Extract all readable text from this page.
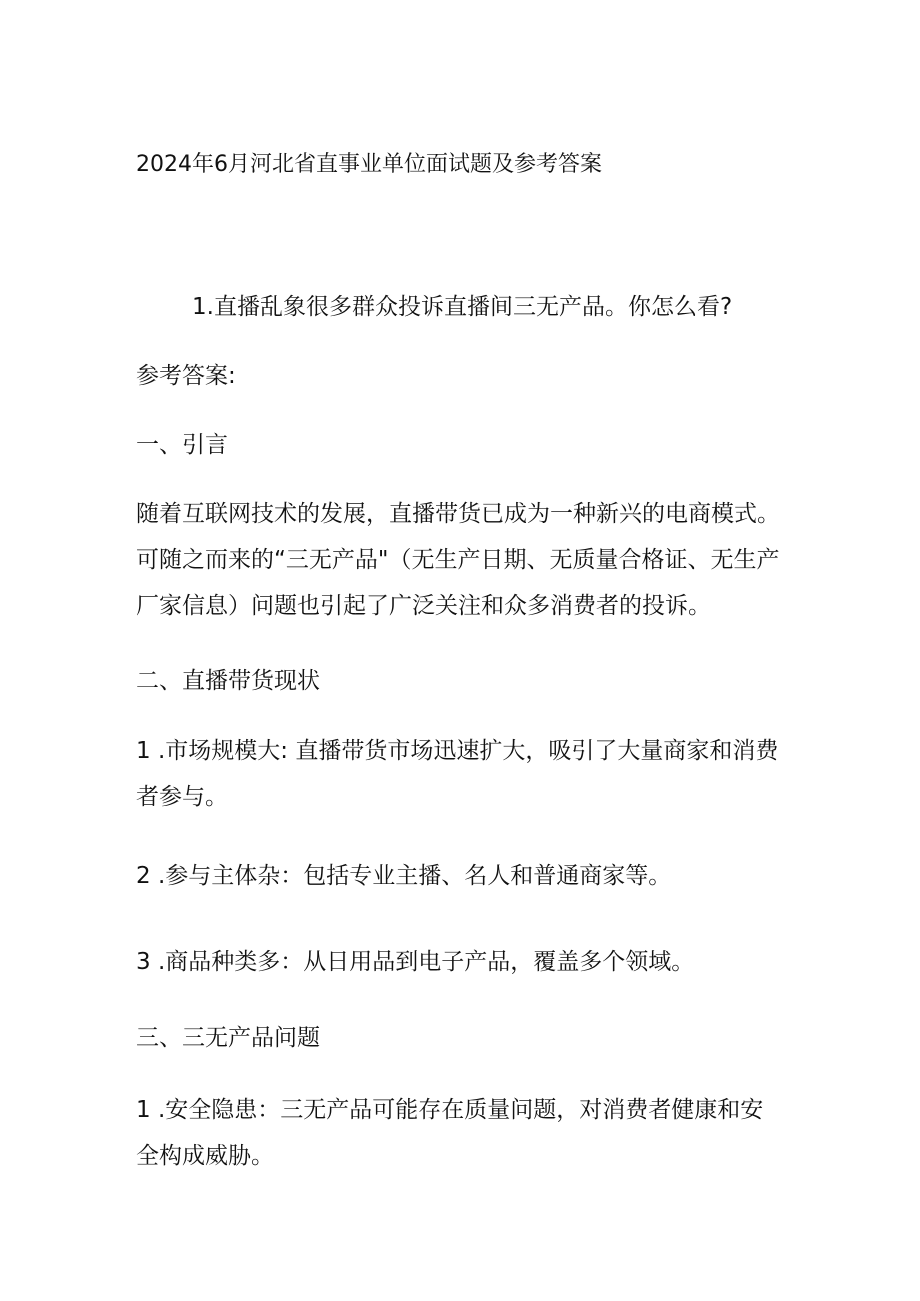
2024年6月河北省直事业单位面试题及参考答案

1.直播乱象很多群众投诉直播间三无产品。你怎么看?

参考答案:

一、引言

随着互联网技术的发展，直播带货已成为一种新兴的电商模式。
可随之而来的“三无产品"（无生产日期、无质量合格证、无生产
厂家信息）问题也引起了广泛关注和众多消费者的投诉。

二、直播带货现状

1 .市场规模大: 直播带货市场迅速扩大，吸引了大量商家和消费
者参与。

2 .参与主体杂：包括专业主播、名人和普通商家等。

3 .商品种类多：从日用品到电子产品，覆盖多个领域。

三、三无产品问题

1 .安全隐患：三无产品可能存在质量问题，对消费者健康和安
全构成威胁。
